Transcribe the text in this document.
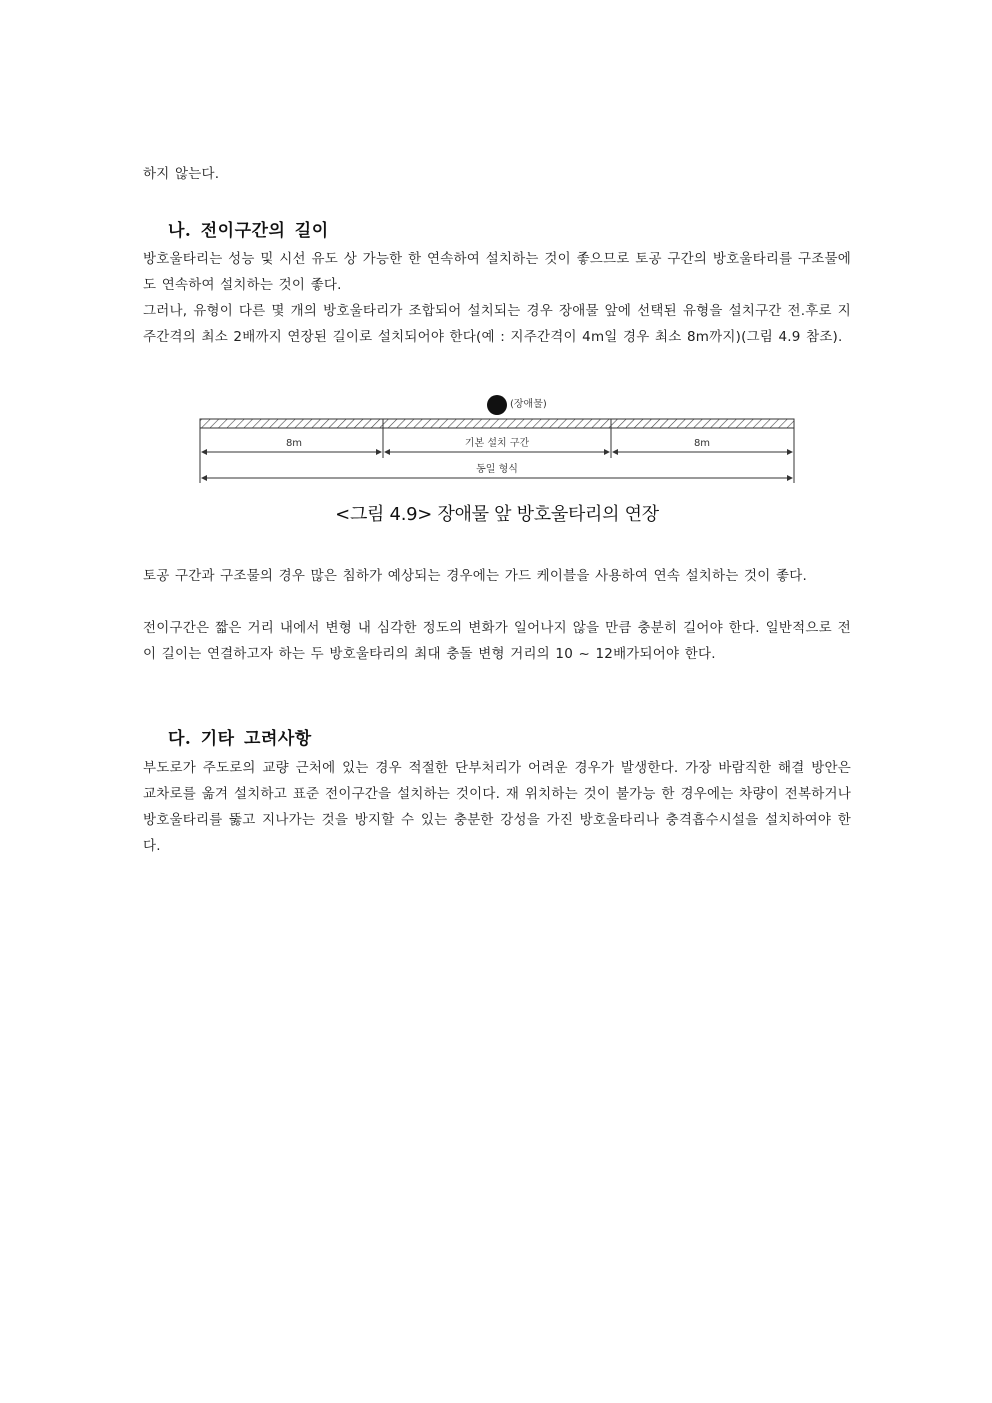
하지 않는다.
나. 전이구간의 길이
방호울타리는 성능 및 시선 유도 상 가능한 한 연속하여 설치하는 것이 좋으므로 토공 구간의 방호울타리를 구조물에도 연속하여 설치하는 것이 좋다.
그러나, 유형이 다른 몇 개의 방호울타리가 조합되어 설치되는 경우 장애물 앞에 선택된 유형을 설치구간 전.후로 지주간격의 최소 2배까지 연장된 길이로 설치되어야 한다(예 : 지주간격이 4m일 경우 최소 8m까지)(그림 4.9 참조).
(장애물)
8m	기본 설치 구간	8m
동일 형식
<그림 4.9> 장애물 앞 방호울타리의 연장
토공 구간과 구조물의 경우 많은 침하가 예상되는 경우에는 가드 케이블을 사용하여 연속 설치하는 것이 좋다.
전이구간은 짧은 거리 내에서 변형 내 심각한 정도의 변화가 일어나지 않을 만큼 충분히 길어야 한다. 일반적으로 전이 길이는 연결하고자 하는 두 방호울타리의 최대 충돌 변형 거리의 10 ~ 12배가되어야 한다.
다. 기타 고려사항
부도로가 주도로의 교량 근처에 있는 경우 적절한 단부처리가 어려운 경우가 발생한다. 가장 바람직한 해결 방안은 교차로를 옮겨 설치하고 표준 전이구간을 설치하는 것이다. 재 위치하는 것이 불가능 한 경우에는 차량이 전복하거나 방호울타리를 뚫고 지나가는 것을 방지할 수 있는 충분한 강성을 가진 방호울타리나 충격흡수시설을 설치하여야 한다.
